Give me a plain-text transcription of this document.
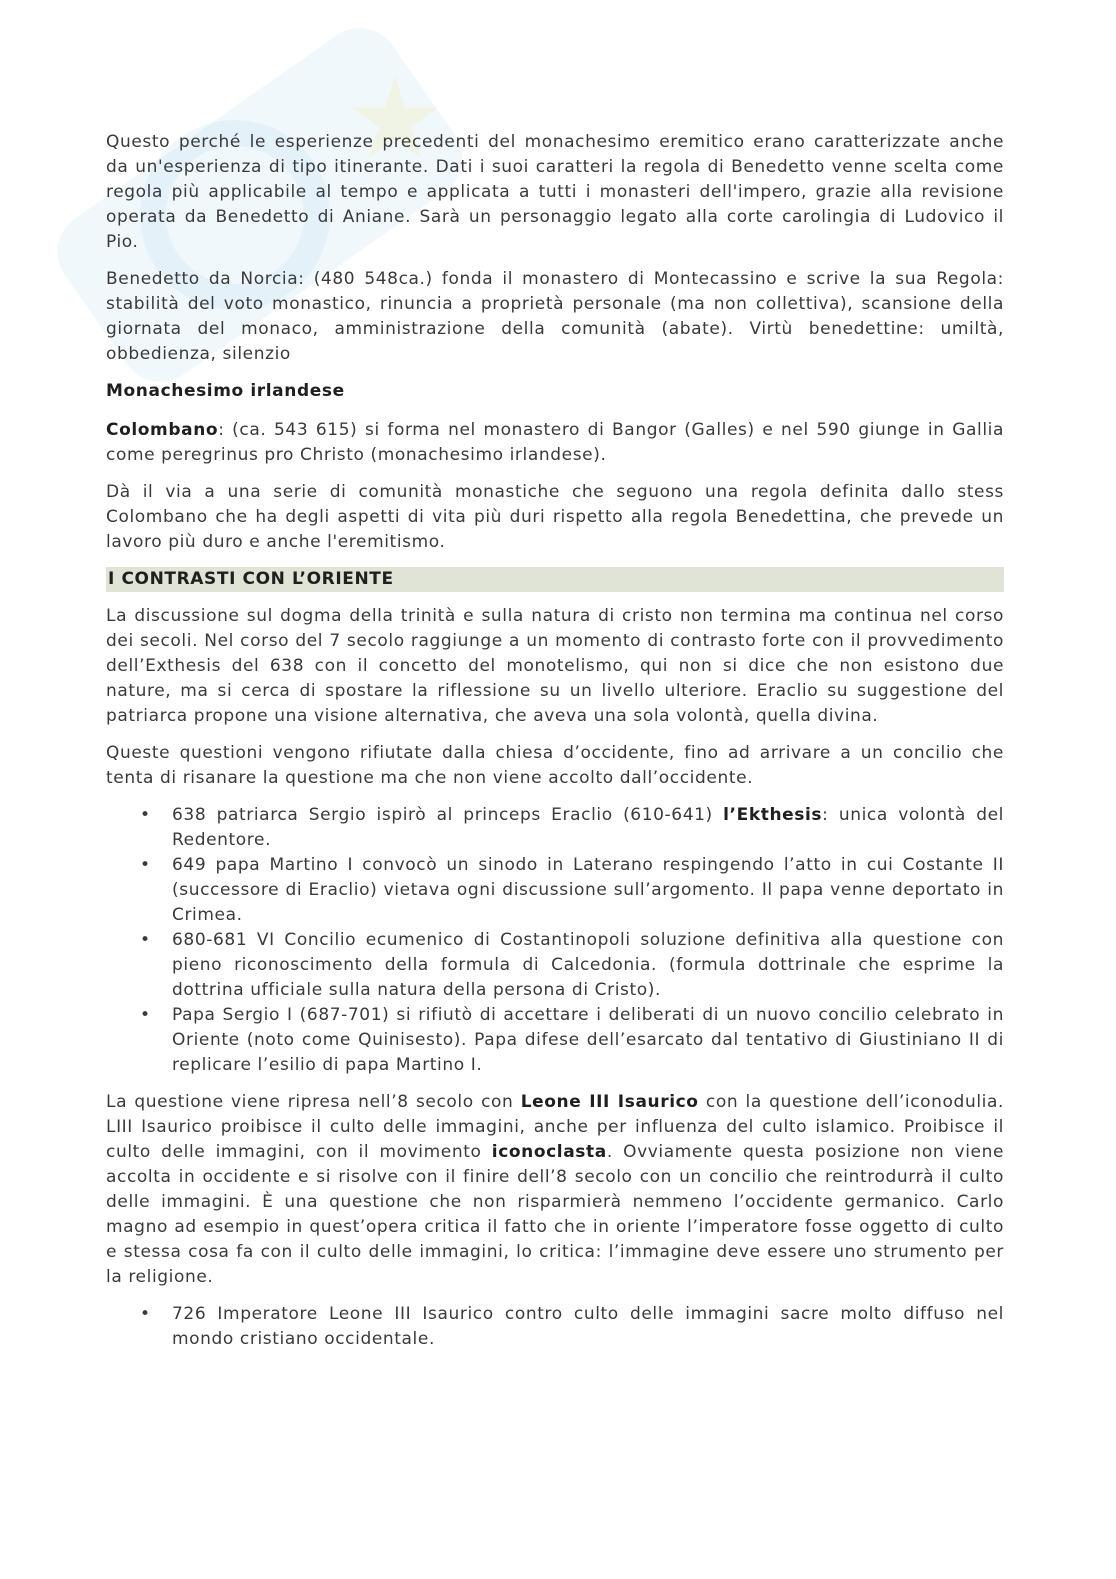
Questo perché le esperienze precedenti del monachesimo eremitico erano caratterizzate anche da un'esperienza di tipo itinerante. Dati i suoi caratteri la regola di Benedetto venne scelta come regola più applicabile al tempo e applicata a tutti i monasteri dell'impero, grazie alla revisione operata da Benedetto di Aniane. Sarà un personaggio legato alla corte carolingia di Ludovico il Pio.

Benedetto da Norcia: (480 548ca.) fonda il monastero di Montecassino e scrive la sua Regola: stabilità del voto monastico, rinuncia a proprietà personale (ma non collettiva), scansione della giornata del monaco, amministrazione della comunità (abate). Virtù benedettine: umiltà, obbedienza, silenzio

Monachesimo irlandese

Colombano: (ca. 543 615) si forma nel monastero di Bangor (Galles) e nel 590 giunge in Gallia come peregrinus pro Christo (monachesimo irlandese).

Dà il via a una serie di comunità monastiche che seguono una regola definita dallo stess Colombano che ha degli aspetti di vita più duri rispetto alla regola Benedettina, che prevede un lavoro più duro e anche l'eremitismo.

I CONTRASTI CON L’ORIENTE

La discussione sul dogma della trinità e sulla natura di cristo non termina ma continua nel corso dei secoli. Nel corso del 7 secolo raggiunge a un momento di contrasto forte con il provvedimento dell’Exthesis del 638 con il concetto del monotelismo, qui non si dice che non esistono due nature, ma si cerca di spostare la riflessione su un livello ulteriore. Eraclio su suggestione del patriarca propone una visione alternativa, che aveva una sola volontà, quella divina.

Queste questioni vengono rifiutate dalla chiesa d’occidente, fino ad arrivare a un concilio che tenta di risanare la questione ma che non viene accolto dall’occidente.

• 638 patriarca Sergio ispirò al princeps Eraclio (610-641) l’Ekthesis: unica volontà del Redentore.
• 649 papa Martino I convocò un sinodo in Laterano respingendo l’atto in cui Costante II (successore di Eraclio) vietava ogni discussione sull’argomento. Il papa venne deportato in Crimea.
• 680-681 VI Concilio ecumenico di Costantinopoli soluzione definitiva alla questione con pieno riconoscimento della formula di Calcedonia. (formula dottrinale che esprime la dottrina ufficiale sulla natura della persona di Cristo).
• Papa Sergio I (687-701) si rifiutò di accettare i deliberati di un nuovo concilio celebrato in Oriente (noto come Quinisesto). Papa difese dell’esarcato dal tentativo di Giustiniano II di replicare l’esilio di papa Martino I.

La questione viene ripresa nell’8 secolo con Leone III Isaurico con la questione dell’iconodulia. LIII Isaurico proibisce il culto delle immagini, anche per influenza del culto islamico. Proibisce il culto delle immagini, con il movimento iconoclasta. Ovviamente questa posizione non viene accolta in occidente e si risolve con il finire dell’8 secolo con un concilio che reintrodurrà il culto delle immagini. È una questione che non risparmierà nemmeno l’occidente germanico. Carlo magno ad esempio in quest’opera critica il fatto che in oriente l’imperatore fosse oggetto di culto e stessa cosa fa con il culto delle immagini, lo critica: l’immagine deve essere uno strumento per la religione.

• 726 Imperatore Leone III Isaurico contro culto delle immagini sacre molto diffuso nel mondo cristiano occidentale.
